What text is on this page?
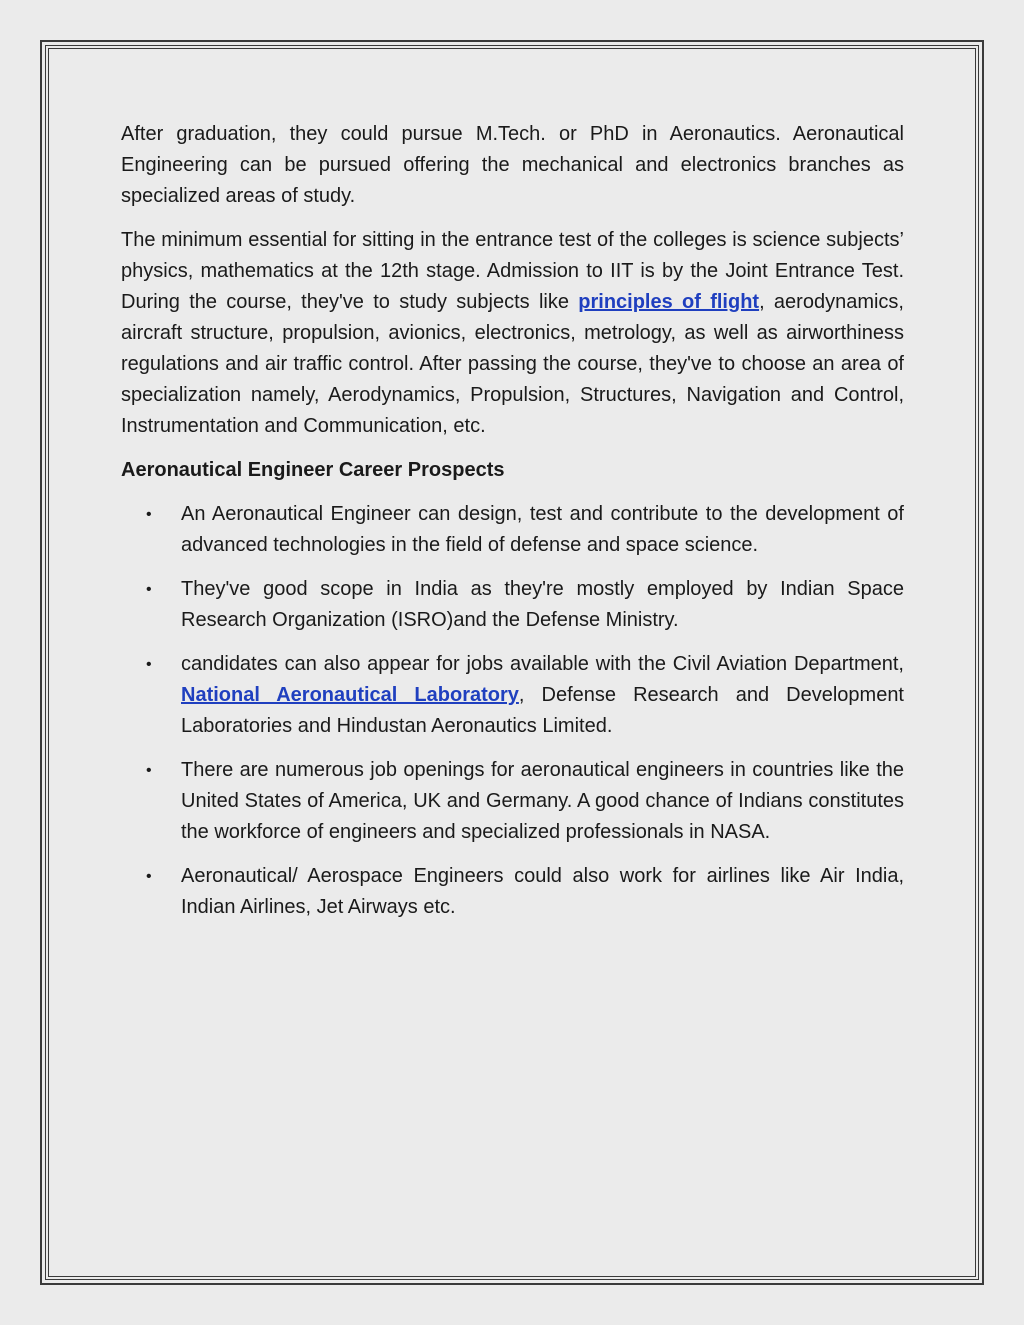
After graduation, they could pursue M.Tech. or PhD in Aeronautics. Aeronautical Engineering can be pursued offering the mechanical and electronics branches as specialized areas of study.

The minimum essential for sitting in the entrance test of the colleges is science subjects’ physics, mathematics at the 12th stage. Admission to IIT is by the Joint Entrance Test. During the course, they've to study subjects like principles of flight, aerodynamics, aircraft structure, propulsion, avionics, electronics, metrology, as well as airworthiness regulations and air traffic control. After passing the course, they've to choose an area of specialization namely, Aerodynamics, Propulsion, Structures, Navigation and Control, Instrumentation and Communication, etc.

Aeronautical Engineer Career Prospects
• An Aeronautical Engineer can design, test and contribute to the development of advanced technologies in the field of defense and space science.
• They've good scope in India as they're mostly employed by Indian Space Research Organization (ISRO)and the Defense Ministry.
• candidates can also appear for jobs available with the Civil Aviation Department, National Aeronautical Laboratory, Defense Research and Development Laboratories and Hindustan Aeronautics Limited.
• There are numerous job openings for aeronautical engineers in countries like the United States of America, UK and Germany. A good chance of Indians constitutes the workforce of engineers and specialized professionals in NASA.
• Aeronautical/ Aerospace Engineers could also work for airlines like Air India, Indian Airlines, Jet Airways etc.
